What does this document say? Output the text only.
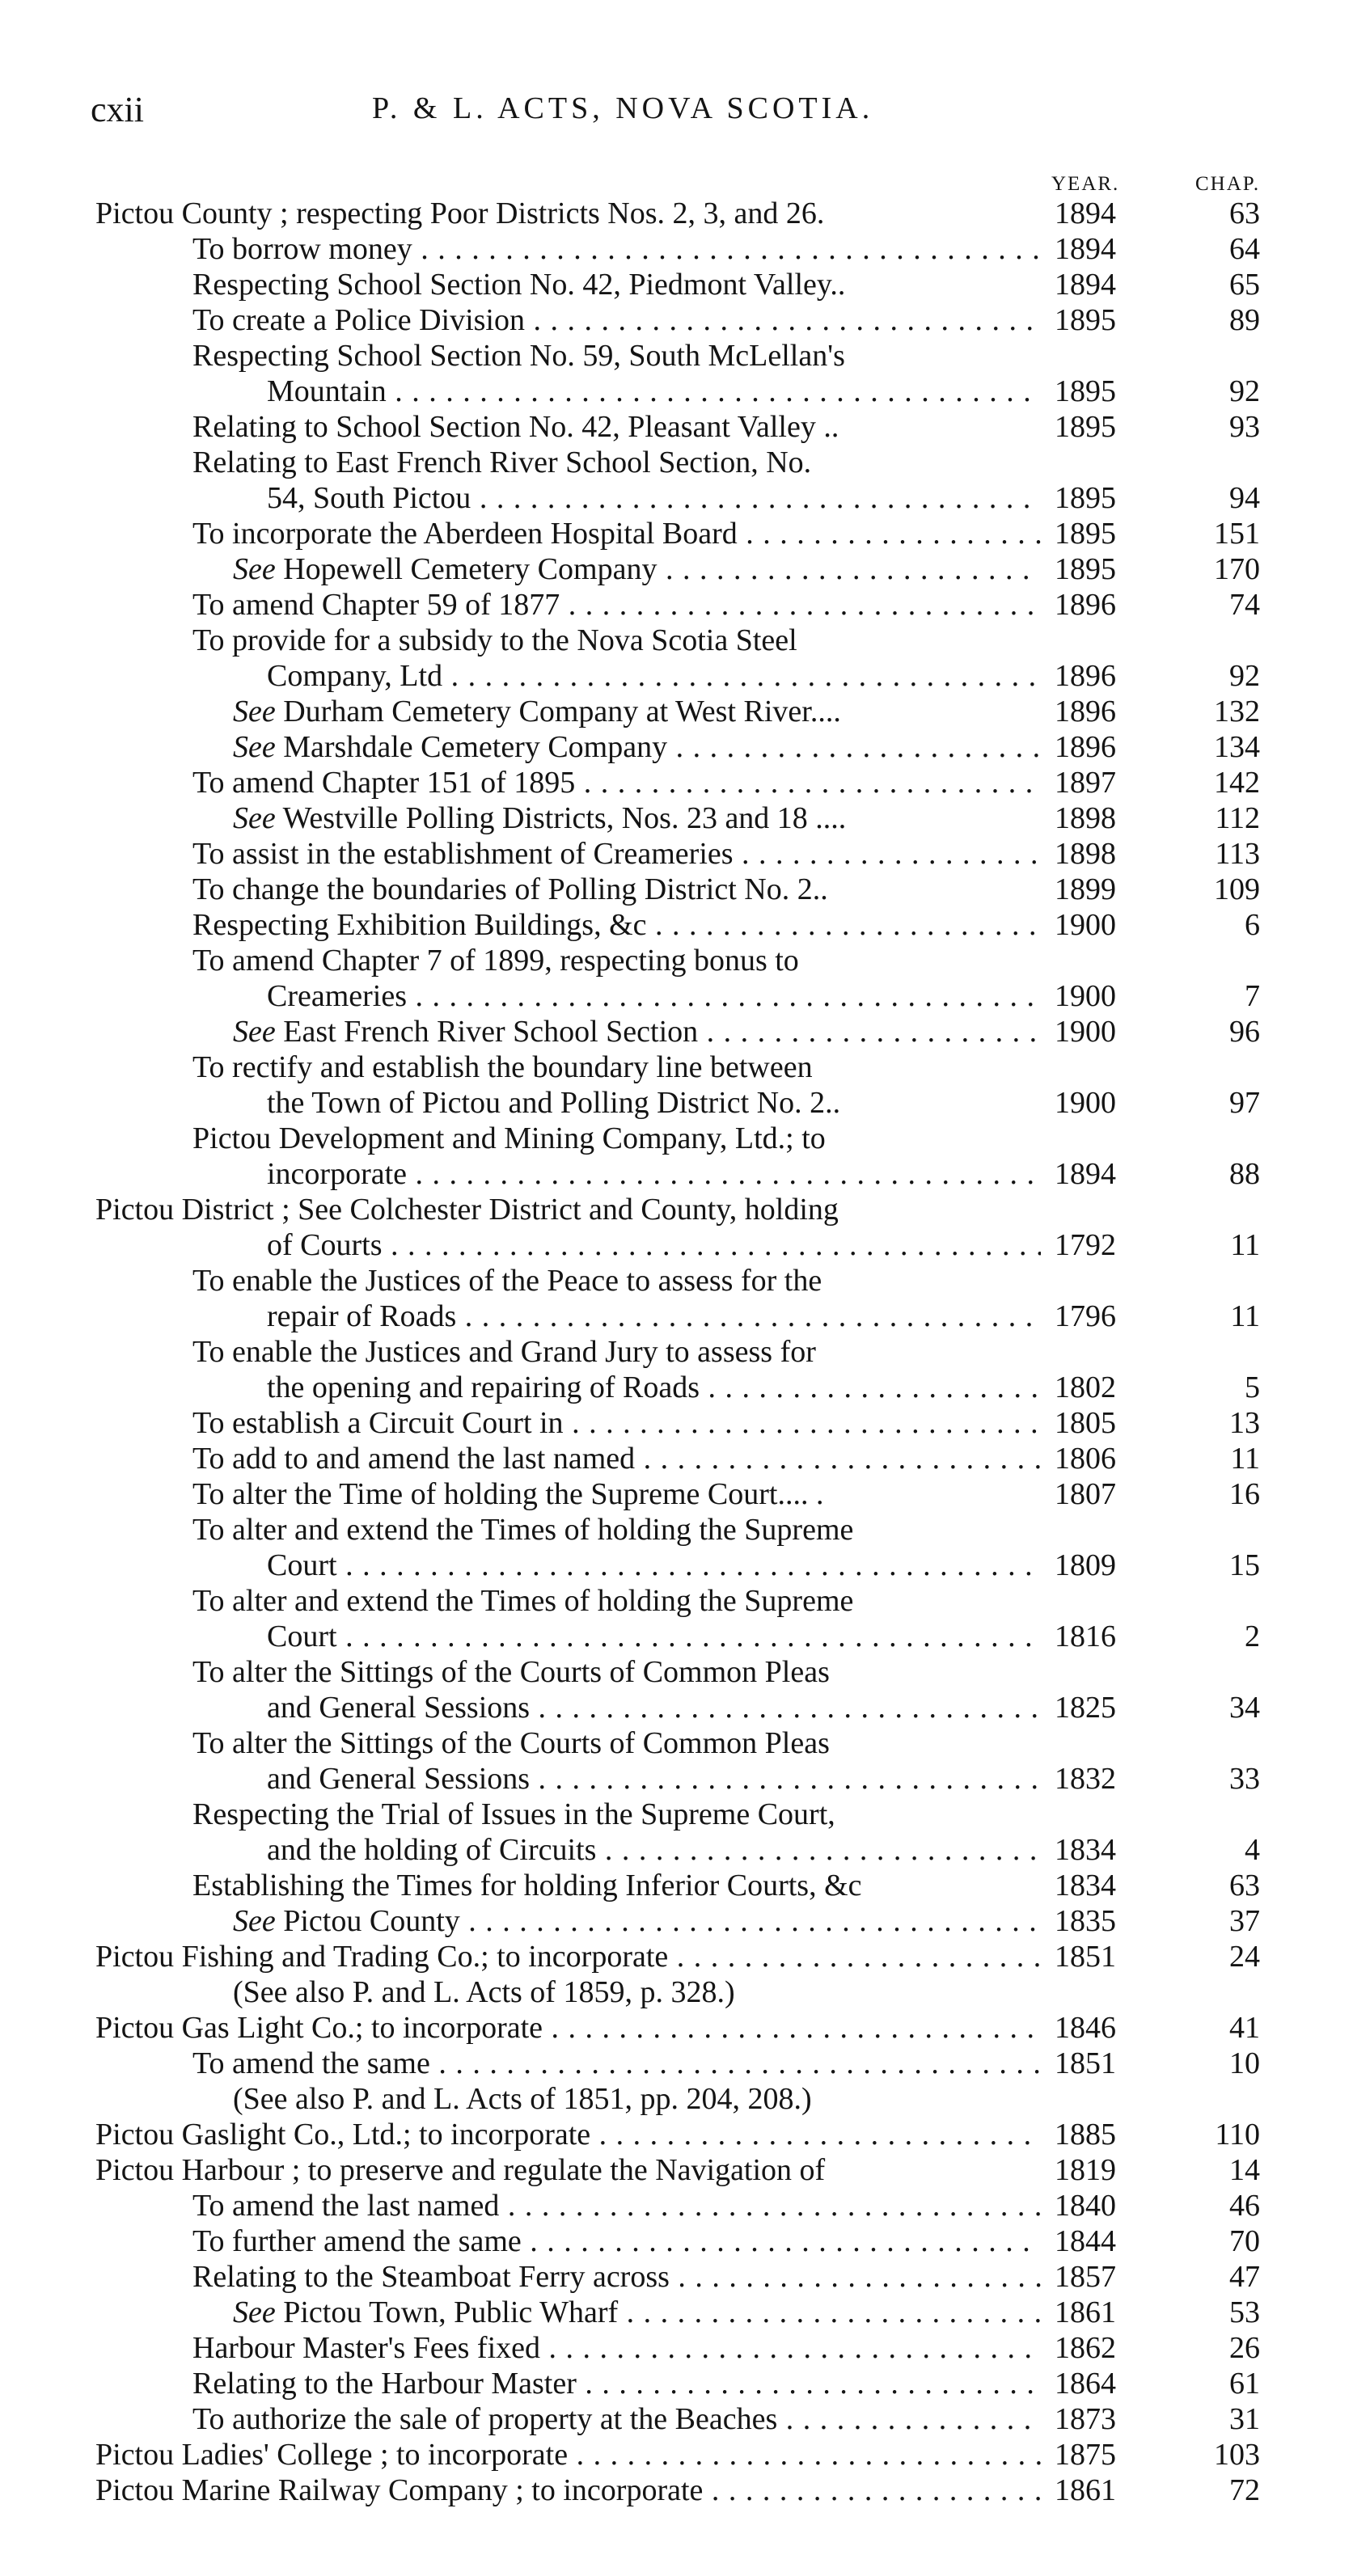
cxii	P. & L. ACTS, NOVA SCOTIA.
YEAR.	CHAP.
Pictou County ; respecting Poor Districts Nos. 2, 3, and 26.	1894	63
To borrow money . . .	1894	64
Respecting School Section No. 42, Piedmont Valley..	1894	65
To create a Police Division . . .	1895	89
Respecting School Section No. 59, South McLellan's
Mountain . . .	1895	92
Relating to School Section No. 42, Pleasant Valley ..	1895	93
Relating to East French River School Section, No.
54, South Pictou . . .	1895	94
To incorporate the Aberdeen Hospital Board . . .	1895	151
See Hopewell Cemetery Company . . .	1895	170
To amend Chapter 59 of 1877 . . .	1896	74
To provide for a subsidy to the Nova Scotia Steel
Company, Ltd . . .	1896	92
See Durham Cemetery Company at West River....	1896	132
See Marshdale Cemetery Company . . .	1896	134
To amend Chapter 151 of 1895 . . .	1897	142
See Westville Polling Districts, Nos. 23 and 18 ....	1898	112
To assist in the establishment of Creameries . . .	1898	113
To change the boundaries of Polling District No. 2..	1899	109
Respecting Exhibition Buildings, &c . . .	1900	6
To amend Chapter 7 of 1899, respecting bonus to
Creameries . . .	1900	7
See East French River School Section . . .	1900	96
To rectify and establish the boundary line between
the Town of Pictou and Polling District No. 2..	1900	97
Pictou Development and Mining Company, Ltd.; to
incorporate . . .	1894	88
Pictou District ; See Colchester District and County, holding
of Courts . . .	1792	11
To enable the Justices of the Peace to assess for the
repair of Roads . . .	1796	11
To enable the Justices and Grand Jury to assess for
the opening and repairing of Roads . . .	1802	5
To establish a Circuit Court in . . .	1805	13
To add to and amend the last named . . .	1806	11
To alter the Time of holding the Supreme Court.... .	1807	16
To alter and extend the Times of holding the Supreme
Court . . .	1809	15
To alter and extend the Times of holding the Supreme
Court . . .	1816	2
To alter the Sittings of the Courts of Common Pleas
and General Sessions . . .	1825	34
To alter the Sittings of the Courts of Common Pleas
and General Sessions . . .	1832	33
Respecting the Trial of Issues in the Supreme Court,
and the holding of Circuits . . .	1834	4
Establishing the Times for holding Inferior Courts, &c	1834	63
See Pictou County . . .	1835	37
Pictou Fishing and Trading Co.; to incorporate . . .	1851	24
(See also P. and L. Acts of 1859, p. 328.)
Pictou Gas Light Co.; to incorporate . . .	1846	41
To amend the same . . .	1851	10
(See also P. and L. Acts of 1851, pp. 204, 208.)
Pictou Gaslight Co., Ltd.; to incorporate . . .	1885	110
Pictou Harbour ; to preserve and regulate the Navigation of	1819	14
To amend the last named . . .	1840	46
To further amend the same . . .	1844	70
Relating to the Steamboat Ferry across . . .	1857	47
See Pictou Town, Public Wharf . . .	1861	53
Harbour Master's Fees fixed . . .	1862	26
Relating to the Harbour Master . . .	1864	61
To authorize the sale of property at the Beaches . . .	1873	31
Pictou Ladies' College ; to incorporate . . .	1875	103
Pictou Marine Railway Company ; to incorporate . . .	1861	72
